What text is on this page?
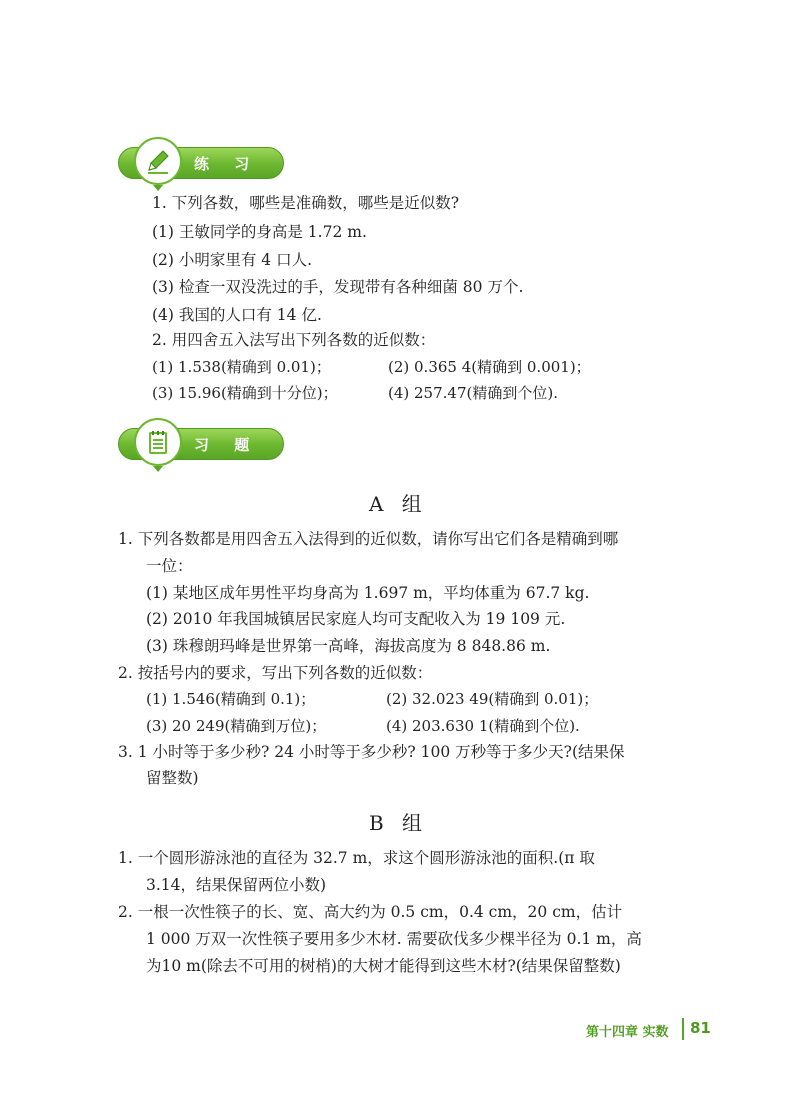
练 习
1. 下列各数，哪些是准确数，哪些是近似数?
(1) 王敏同学的身高是 1.72 m.
(2) 小明家里有 4 口人.
(3) 检查一双没洗过的手，发现带有各种细菌 80 万个.
(4) 我国的人口有 14 亿.
2. 用四舍五入法写出下列各数的近似数：
(1) 1.538(精确到 0.01)；	(2) 0.365 4(精确到 0.001)；
(3) 15.96(精确到十分位)；	(4) 257.47(精确到个位).
习 题
A 组
1. 下列各数都是用四舍五入法得到的近似数，请你写出它们各是精确到哪
一位：
(1) 某地区成年男性平均身高为 1.697 m，平均体重为 67.7 kg.
(2) 2010 年我国城镇居民家庭人均可支配收入为 19 109 元.
(3) 珠穆朗玛峰是世界第一高峰，海拔高度为 8 848.86 m.
2. 按括号内的要求，写出下列各数的近似数：
(1) 1.546(精确到 0.1)；	(2) 32.023 49(精确到 0.01)；
(3) 20 249(精确到万位)；	(4) 203.630 1(精确到个位).
3. 1 小时等于多少秒? 24 小时等于多少秒? 100 万秒等于多少天?(结果保
留整数)
B 组
1. 一个圆形游泳池的直径为 32.7 m，求这个圆形游泳池的面积.(π 取
3.14，结果保留两位小数)
2. 一根一次性筷子的长、宽、高大约为 0.5 cm，0.4 cm，20 cm，估计
1 000 万双一次性筷子要用多少木材. 需要砍伐多少棵半径为 0.1 m，高
为10 m(除去不可用的树梢)的大树才能得到这些木材?(结果保留整数)
第十四章 实数 81
